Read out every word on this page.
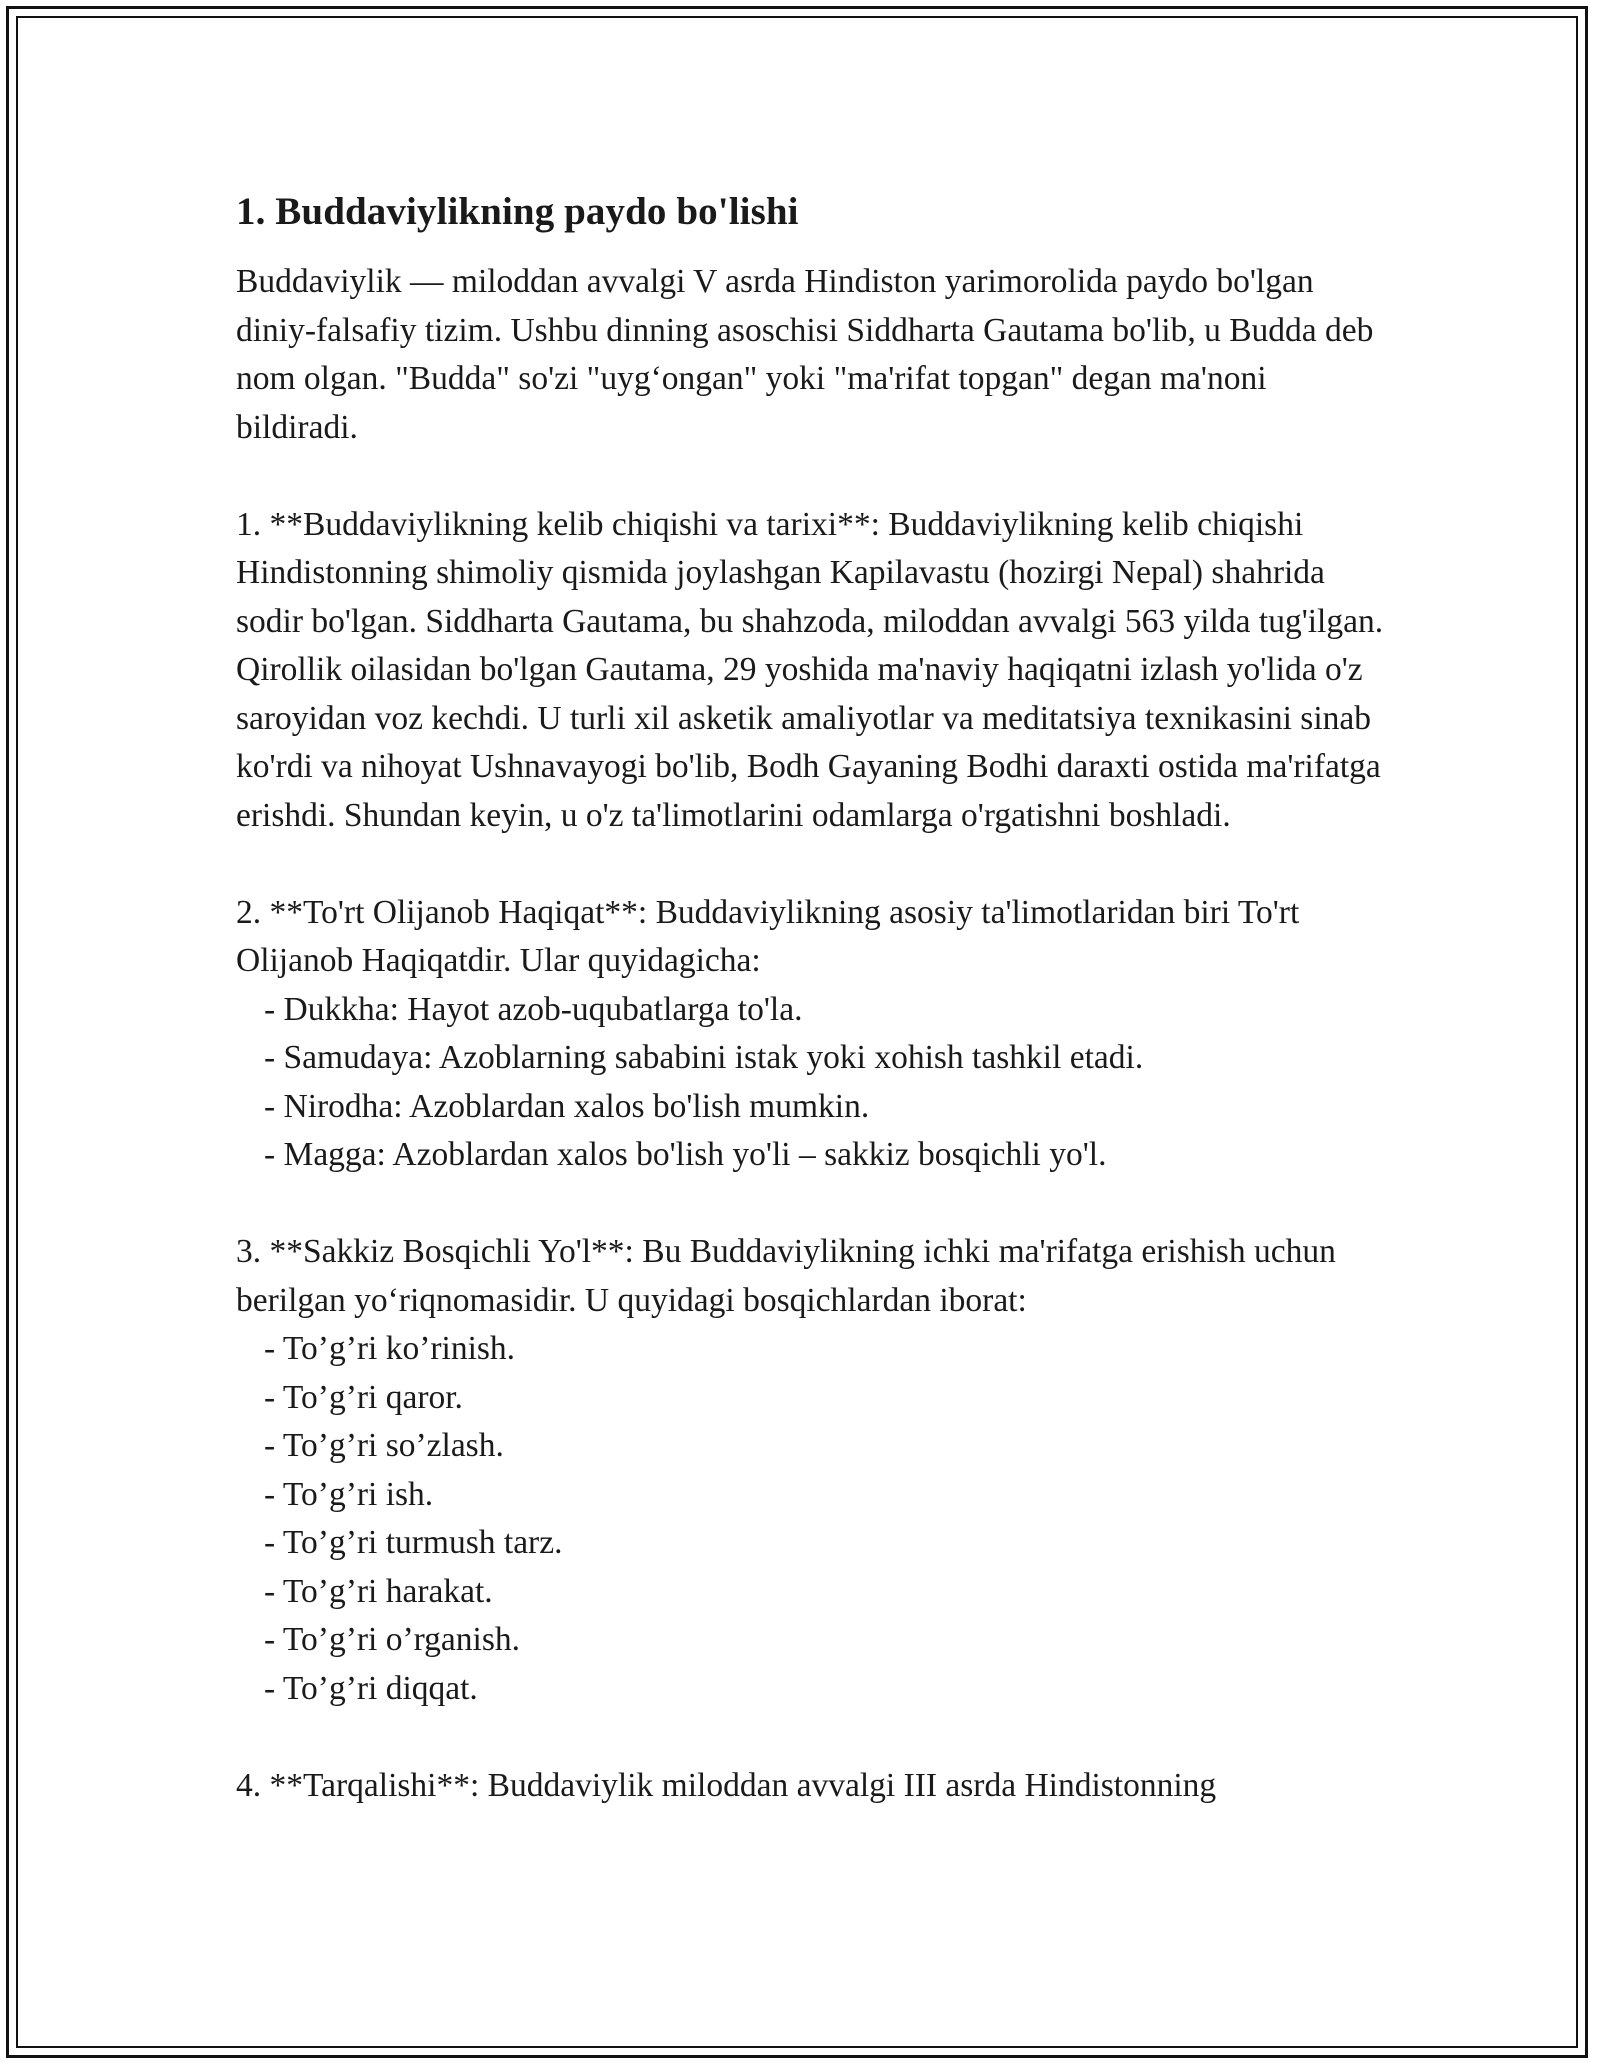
1. Buddaviylikning paydo bo'lishi

Buddaviylik — miloddan avvalgi V asrda Hindiston yarimorolida paydo bo'lgan diniy-falsafiy tizim. Ushbu dinning asoschisi Siddharta Gautama bo'lib, u Budda deb nom olgan. "Budda" so'zi "uyg‘ongan" yoki "ma'rifat topgan" degan ma'noni bildiradi.

1. **Buddaviylikning kelib chiqishi va tarixi**: Buddaviylikning kelib chiqishi Hindistonning shimoliy qismida joylashgan Kapilavastu (hozirgi Nepal) shahrida sodir bo'lgan. Siddharta Gautama, bu shahzoda, miloddan avvalgi 563 yilda tug'ilgan. Qirollik oilasidan bo'lgan Gautama, 29 yoshida ma'naviy haqiqatni izlash yo'lida o'z saroyidan voz kechdi. U turli xil asketik amaliyotlar va meditatsiya texnikasini sinab ko'rdi va nihoyat Ushnavayogi bo'lib, Bodh Gayaning Bodhi daraxti ostida ma'rifatga erishdi. Shundan keyin, u o'z ta'limotlarini odamlarga o'rgatishni boshladi.

2. **To'rt Olijanob Haqiqat**: Buddaviylikning asosiy ta'limotlaridan biri To'rt Olijanob Haqiqatdir. Ular quyidagicha:

- Dukkha: Hayot azob-uqubatlarga to'la.
- Samudaya: Azoblarning sababini istak yoki xohish tashkil etadi.
- Nirodha: Azoblardan xalos bo'lish mumkin.
- Magga: Azoblardan xalos bo'lish yo'li – sakkiz bosqichli yo'l.

3. **Sakkiz Bosqichli Yo'l**: Bu Buddaviylikning ichki ma'rifatga erishish uchun berilgan yo‘riqnomasidir. U quyidagi bosqichlardan iborat:

- To’g’ri ko’rinish.
- To’g’ri qaror.
- To’g’ri so’zlash.
- To’g’ri ish.
- To’g’ri turmush tarz.
- To’g’ri harakat.
- To’g’ri o’rganish.
- To’g’ri diqqat.

4. **Tarqalishi**: Buddaviylik miloddan avvalgi III asrda Hindistonning
